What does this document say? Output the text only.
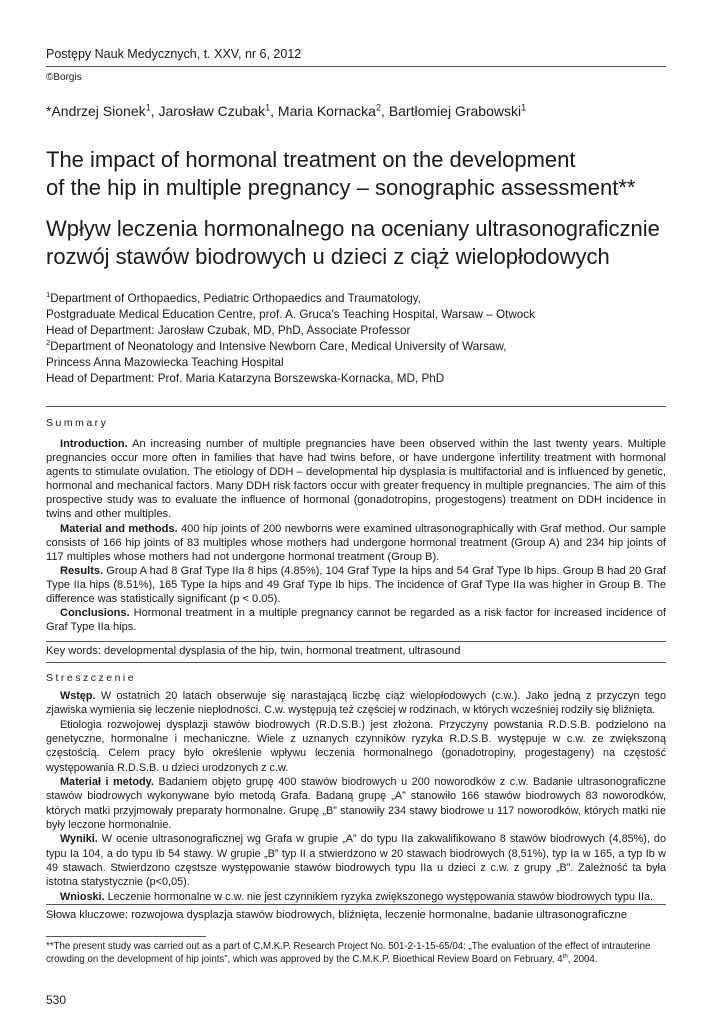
Postępy Nauk Medycznych, t. XXV, nr 6, 2012
©Borgis
*Andrzej Sionek$^1$, Jarosław Czubak$^1$, Maria Kornacka$^2$, Bartłomiej Grabowski$^1$
The impact of hormonal treatment on the development
of the hip in multiple pregnancy – sonographic assessment**
Wpływ leczenia hormonalnego na oceniany ultrasonograficznie
rozwój stawów biodrowych u dzieci z ciąż wielopłodowych
$^1$Department of Orthopaedics, Pediatric Orthopaedics and Traumatology,
Postgraduate Medical Education Centre, prof. A. Gruca’s Teaching Hospital, Warsaw – Otwock
Head of Department: Jarosław Czubak, MD, PhD, Associate Professor
$^2$Department of Neonatology and Intensive Newborn Care, Medical University of Warsaw,
Princess Anna Mazowiecka Teaching Hospital
Head of Department: Prof. Maria Katarzyna Borszewska-Kornacka, MD, PhD
Summary

Introduction. An increasing number of multiple pregnancies have been observed within the last twenty years. Multiple pregnancies occur more often in families that have had twins before, or have undergone infertility treatment with hormonal agents to stimulate ovulation. The etiology of DDH – developmental hip dysplasia is multifactorial and is influenced by genetic, hormonal and mechanical factors. Many DDH risk factors occur with greater frequency in multiple pregnancies. The aim of this prospective study was to evaluate the influence of hormonal (gonadotropins, progestogens) treatment on DDH incidence in twins and other multiples.

Material and methods. 400 hip joints of 200 newborns were examined ultrasonographically with Graf method. Our sample consists of 166 hip joints of 83 multiples whose mothers had undergone hormonal treatment (Group A) and 234 hip joints of 117 multiples whose mothers had not undergone hormonal treatment (Group B).

Results. Group A had 8 Graf Type IIa 8 hips (4.85%), 104 Graf Type Ia hips and 54 Graf Type Ib hips. Group B had 20 Graf Type IIa hips (8.51%), 165 Type Ia hips and 49 Graf Type Ib hips. The incidence of Graf Type IIa was higher in Group B. The difference was statistically significant (p < 0.05).

Conclusions. Hormonal treatment in a multiple pregnancy cannot be regarded as a risk factor for increased incidence of Graf Type IIa hips.

Key words: developmental dysplasia of the hip, twin, hormonal treatment, ultrasound
Streszczenie

Wstęp. W ostatnich 20 latach obserwuje się narastającą liczbę ciąż wielopłodowych (c.w.). Jako jedną z przyczyn tego zjawiska wymienia się leczenie niepłodności. C.w. występują też częściej w rodzinach, w których wcześniej rodziły się bliźnięta.

Etiologia rozwojowej dysplazji stawów biodrowych (R.D.S.B.) jest złożona. Przyczyny powstania R.D.S.B. podzielono na genetyczne, hormonalne i mechaniczne. Wiele z uznanych czynników ryzyka R.D.S.B. występuje w c.w. ze zwiększoną częstością. Celem pracy było określenie wpływu leczenia hormonalnego (gonadotropiny, progestageny) na częstość występowania R.D.S.B. u dzieci urodzonych z c.w.

Materiał i metody. Badaniem objęto grupę 400 stawów biodrowych u 200 noworodków z c.w. Badanie ultrasonograficzne stawów biodrowych wykonywane było metodą Grafa. Badaną grupę „A” stanowiło 166 stawów biodrowych 83 noworodków, których matki przyjmowały preparaty hormonalne. Grupę „B” stanowiły 234 stawy biodrowe u 117 noworodków, których matki nie były leczone hormonalnie.

Wyniki. W ocenie ultrasonograficznej wg Grafa w grupie „A” do typu IIa zakwalifikowano 8 stawów biodrowych (4,85%), do typu Ia 104, a do typu Ib 54 stawy. W grupie „B” typ II a stwierdzono w 20 stawach biodrowych (8,51%), typ Ia w 165, a typ Ib w 49 stawach. Stwierdzono częstsze występowanie stawów biodrowych typu IIa u dzieci z c.w. z grupy „B”. Zależność ta była istotna statystycznie (p<0,05).

Wnioski. Leczenie hormonalne w c.w. nie jest czynnikiem ryzyka zwiększonego występowania stawów biodrowych typu IIa.

Słowa kluczowe: rozwojowa dysplazja stawów biodrowych, bliźnięta, leczenie hormonalne, badanie ultrasonograficzne
**The present study was carried out as a part of C.M.K.P. Research Project No. 501-2-1-15-65/04: „The evaluation of the effect of intrauterine crowding on the development of hip joints”, which was approved by the C.M.K.P. Bioethical Review Board on February, 4th, 2004.
530
